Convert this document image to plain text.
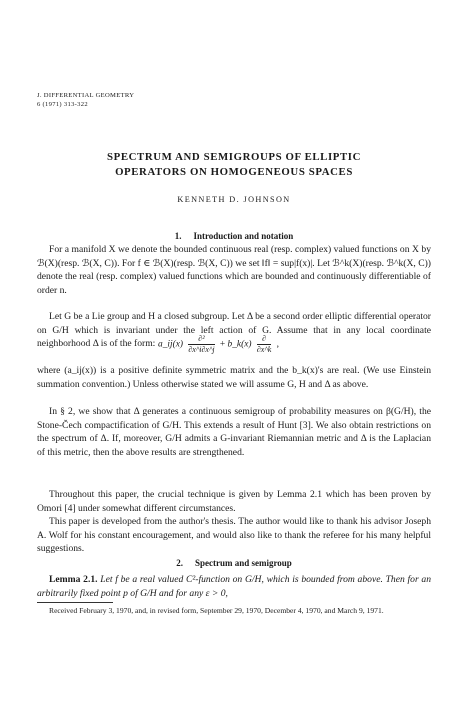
J. DIFFERENTIAL GEOMETRY
6 (1971) 313-322
SPECTRUM AND SEMIGROUPS OF ELLIPTIC
OPERATORS ON HOMOGENEOUS SPACES
KENNETH D. JOHNSON
1. Introduction and notation
For a manifold X we denote the bounded continuous real (resp. complex) valued functions on X by ℬ(X)(resp. ℬ(X, C)). For f ∈ ℬ(X)(resp. ℬ(X, C)) we set ‖f‖ = sup|f(x)|. Let ℬ^k(X)(resp. ℬ^k(X, C)) denote the real (resp. complex) valued functions which are bounded and continuously differentiable of order n.
Let G be a Lie group and H a closed subgroup. Let Δ be a second order elliptic differential operator on G/H which is invariant under the left action of G. Assume that in any local coordinate neighborhood Δ is of the form: a_ij(x) $\frac{\text{∂²}}{\partial x\^{}i\partial x\^{}j}$ + b_k(x) $\frac{\partial}{\partial x\^{}k}$ ,
where (a_ij(x)) is a positive definite symmetric matrix and the b_k(x)'s are real. (We use Einstein summation convention.) Unless otherwise stated we will assume G, H and Δ as above.
In § 2, we show that Δ generates a continuous semigroup of probability measures on β(G/H), the Stone-Čech compactification of G/H. This extends a result of Hunt [3]. We also obtain restrictions on the spectrum of Δ. If, moreover, G/H admits a G-invariant Riemannian metric and Δ is the Laplacian of this metric, then the above results are strengthened.
Throughout this paper, the crucial technique is given by Lemma 2.1 which has been proven by Omori [4] under somewhat different circumstances.
This paper is developed from the author's thesis. The author would like to thank his advisor Joseph A. Wolf for his constant encouragement, and would also like to thank the referee for his many helpful suggestions.
2. Spectrum and semigroup
Lemma 2.1. Let f be a real valued C²-function on G/H, which is bounded from above. Then for an arbitrarily fixed point p of G/H and for any ε > 0,
Received February 3, 1970, and, in revised form, September 29, 1970, December 4, 1970, and March 9, 1971.
